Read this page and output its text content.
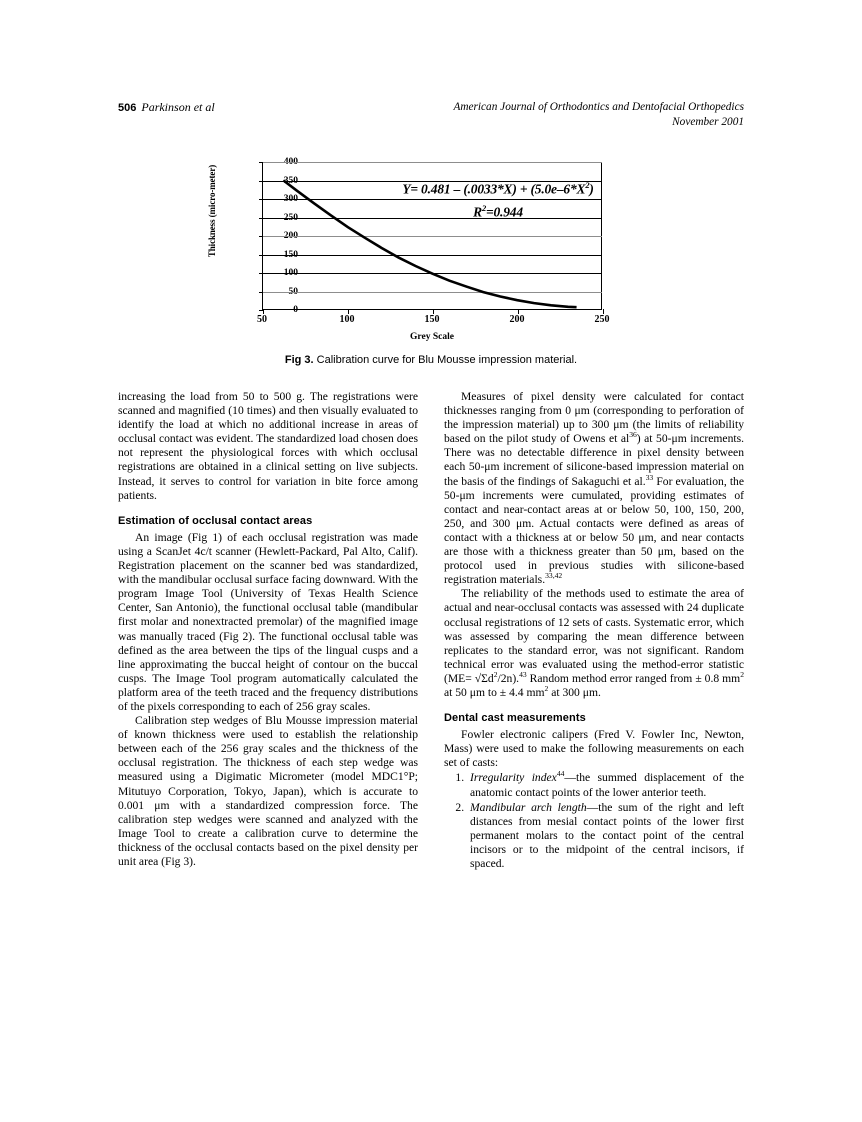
506 Parkinson et al	American Journal of Orthodontics and Dentofacial Orthopedics
November 2001
Thickness (micro-meter)
0
50
100
150
200
250
300
350
400
$Y= 0.481 - (.0033*X) + (5.0e-6*X^2)$
$R^2=0.944$
50	100	150	200	250
Grey Scale
Fig 3. Calibration curve for Blu Mousse impression material.

increasing the load from 50 to 500 g. The registrations were scanned and magnified (10 times) and then visually evaluated to identify the load at which no additional increase in areas of occlusal contact was evident. The standardized load chosen does not represent the physiological forces with which occlusal registrations are obtained in a clinical setting on live subjects. Instead, it serves to control for variation in bite force among patients.

Estimation of occlusal contact areas

An image (Fig 1) of each occlusal registration was made using a ScanJet 4c/t scanner (Hewlett-Packard, Pal Alto, Calif). Registration placement on the scanner bed was standardized, with the mandibular occlusal surface facing downward. With the program Image Tool (University of Texas Health Science Center, San Antonio), the functional occlusal table (mandibular first molar and nonextracted premolar) of the magnified image was manually traced (Fig 2). The functional occlusal table was defined as the area between the tips of the lingual cusps and a line approximating the buccal height of contour on the buccal cusps. The Image Tool program automatically calculated the platform area of the teeth traced and the frequency distributions of the pixels corresponding to each of 256 gray scales.

Calibration step wedges of Blu Mousse impression material of known thickness were used to establish the relationship between each of the 256 gray scales and the thickness of the occlusal registration. The thickness of each step wedge was measured using a Digimatic Micrometer (model MDC1°P; Mitutuyo Corporation, Tokyo, Japan), which is accurate to 0.001 μm with a standardized compression force. The calibration step wedges were scanned and analyzed with the Image Tool to create a calibration curve to determine the thickness of the occlusal contacts based on the pixel density per unit area (Fig 3).

Measures of pixel density were calculated for contact thicknesses ranging from 0 μm (corresponding to perforation of the impression material) up to 300 μm (the limits of reliability based on the pilot study of Owens et $al^{36}$) at 50-μm increments. There was no detectable difference in pixel density between each 50-μm increment of silicone-based impression material on the basis of the findings of Sakaguchi et al.$^{33}$ For evaluation, the 50-μm increments were cumulated, providing estimates of contact and near-contact areas at or below 50, 100, 150, 200, 250, and 300 μm. Actual contacts were defined as areas of contact with a thickness at or below 50 μm, and near contacts are those with a thickness greater than 50 μm, based on the protocol used in previous studies with silicone-based registration materials.$^{33,42}$

The reliability of the methods used to estimate the area of actual and near-occlusal contacts was assessed with 24 duplicate occlusal registrations of 12 sets of casts. Systematic error, which was assessed by comparing the mean difference between replicates to the standard error, was not significant. Random technical error was evaluated using the method-error statistic $(ME= √\Sigma d^2/2n).^{43}$ Random method error ranged from ± 0.8 $mm^2$ at 50 μm to ± 4.4 $mm^2$ at 300 μm.

Dental cast measurements

Fowler electronic calipers (Fred V. Fowler Inc, Newton, Mass) were used to make the following measurements on each set of casts:

1. Irregularity index$^{44}$—the summed displacement of the anatomic contact points of the lower anterior teeth.
2. Mandibular arch length—the sum of the right and left distances from mesial contact points of the lower first permanent molars to the contact point of the central incisors or to the midpoint of the central incisors, if spaced.
